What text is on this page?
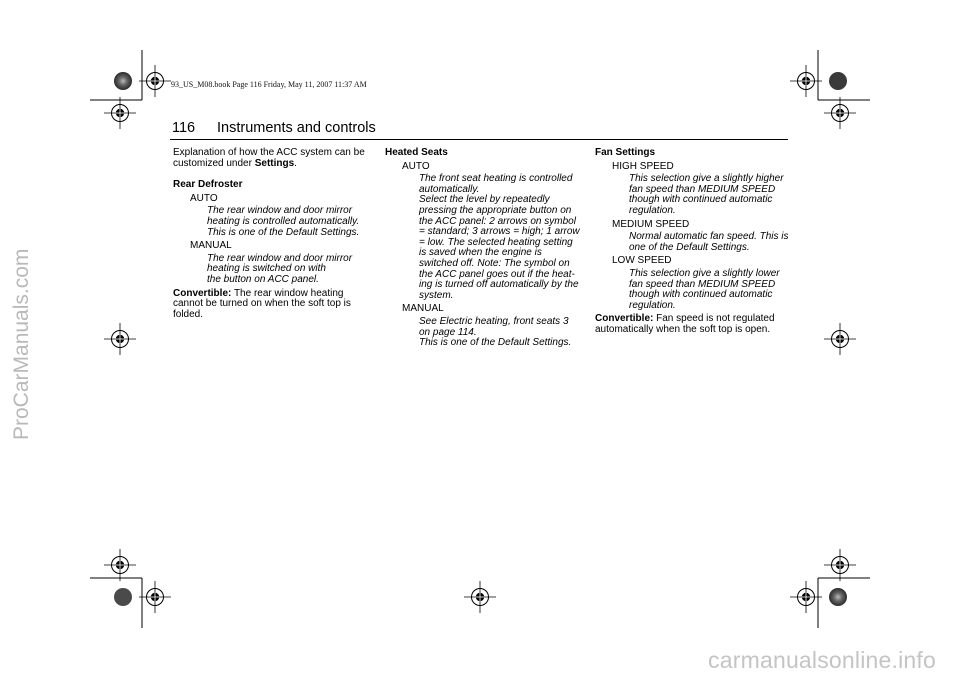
93_US_M08.book Page 116 Friday, May 11, 2007 11:37 AM
116 Instruments and controls
ProCarManuals.com
carmanualsonline.info

Explanation of how the ACC system can be customized under Settings.

Rear Defroster

AUTO

The rear window and door mirror
heating is controlled automatically.
This is one of the Default Settings.

MANUAL

The rear window and door mirror
heating is switched on with
the button on ACC panel.

Convertible: The rear window heating cannot be turned on when the soft top is folded.

Heated Seats

AUTO

The front seat heating is controlled
automatically.
Select the level by repeatedly
pressing the appropriate button on
the ACC panel: 2 arrows on symbol
= standard; 3 arrows = high; 1 arrow
= low. The selected heating setting
is saved when the engine is
switched off. Note: The symbol on
the ACC panel goes out if the heat-
ing is turned off automatically by the
system.

MANUAL

See Electric heating, front seats 3
on page 114.
This is one of the Default Settings.

Fan Settings

HIGH SPEED

This selection give a slightly higher
fan speed than MEDIUM SPEED
though with continued automatic
regulation.

MEDIUM SPEED

Normal automatic fan speed. This is
one of the Default Settings.

LOW SPEED

This selection give a slightly lower
fan speed than MEDIUM SPEED
though with continued automatic
regulation.

Convertible: Fan speed is not regulated automatically when the soft top is open.
